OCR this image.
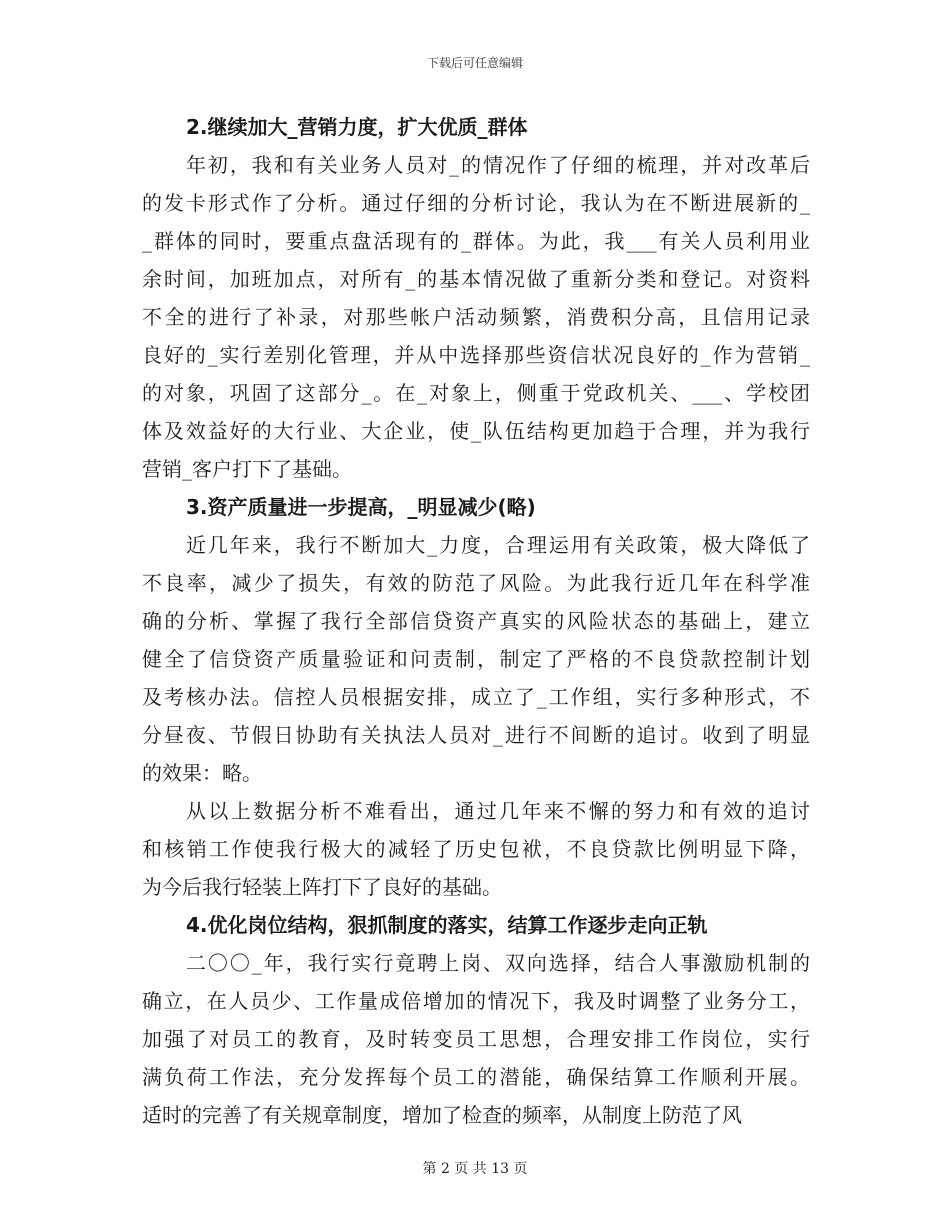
下载后可任意编辑
2.继续加大_营销力度，扩大优质_群体
年初，我和有关业务人员对_的情况作了仔细的梳理，并对改革后
的发卡形式作了分析。通过仔细的分析讨论，我认为在不断进展新的_
_群体的同时，要重点盘活现有的_群体。为此，我___有关人员利用业
余时间，加班加点，对所有_的基本情况做了重新分类和登记。对资料
不全的进行了补录，对那些帐户活动频繁，消费积分高，且信用记录
良好的_实行差别化管理，并从中选择那些资信状况良好的_作为营销_
的对象，巩固了这部分_。在_对象上，侧重于党政机关、___、学校团
体及效益好的大行业、大企业，使_队伍结构更加趋于合理，并为我行
营销_客户打下了基础。
3.资产质量进一步提高，_明显减少(略)
近几年来，我行不断加大_力度，合理运用有关政策，极大降低了
不良率，减少了损失，有效的防范了风险。为此我行近几年在科学准
确的分析、掌握了我行全部信贷资产真实的风险状态的基础上，建立
健全了信贷资产质量验证和问责制，制定了严格的不良贷款控制计划
及考核办法。信控人员根据安排，成立了_工作组，实行多种形式，不
分昼夜、节假日协助有关执法人员对_进行不间断的追讨。收到了明显
的效果：略。
从以上数据分析不难看出，通过几年来不懈的努力和有效的追讨
和核销工作使我行极大的减轻了历史包袱，不良贷款比例明显下降，
为今后我行轻装上阵打下了良好的基础。
4.优化岗位结构，狠抓制度的落实，结算工作逐步走向正轨
二〇〇_年，我行实行竟聘上岗、双向选择，结合人事激励机制的
确立，在人员少、工作量成倍增加的情况下，我及时调整了业务分工，
加强了对员工的教育，及时转变员工思想，合理安排工作岗位，实行
满负荷工作法，充分发挥每个员工的潜能，确保结算工作顺利开展。
适时的完善了有关规章制度，增加了检查的频率，从制度上防范了风
第 2 页 共 13 页
